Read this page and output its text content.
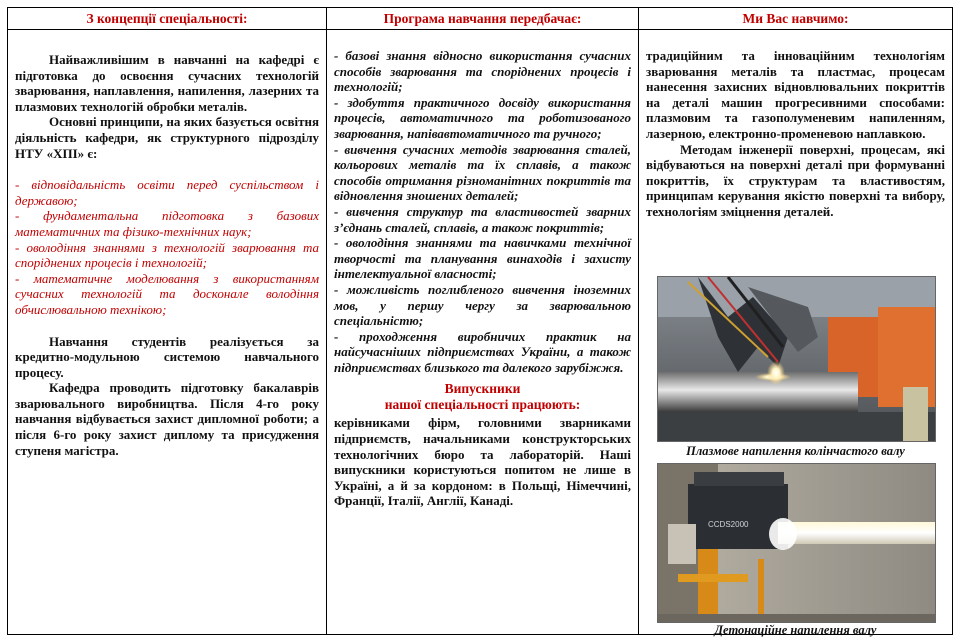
З концепції спеціальності:

Найважливішим в навчанні на кафедрі є підготовка до освоєння сучасних технологій зварювання, наплавлення, напилення, лазерних та плазмових технологій обробки металів.

Основні принципи, на яких базується освітня діяльність кафедри, як структурного підрозділу НТУ «ХПІ» є:

- відповідальність освіти перед суспільством і державою;

- фундаментальна підготовка з базових математичних та фізико-технічних наук;

- оволодіння знаннями з технологій зварювання та споріднених процесів і технологій;

- математичне моделювання з використанням сучасних технологій та досконале володіння обчислювальною технікою;

Навчання студентів реалізується за кредитно-модульною системою навчального процесу.

Кафедра проводить підготовку бакалаврів зварювального виробництва. Після 4-го року навчання відбувається захист дипломної роботи; а після 6-го року захист диплому та присудження ступеня магістра.

Програма навчання передбачає:

- базові знання відносно використання сучасних способів зварювання та споріднених процесів і технологій;

- здобуття практичного досвіду використання процесів, автоматичного та роботизованого зварювання, напівавтоматичного та ручного;

- вивчення сучасних методів зварювання сталей, кольорових металів та їх сплавів, а також способів отримання різноманітних покриттів та відновлення зношених деталей;

- вивчення структур та властивостей зварних з’єднань сталей, сплавів, а також покриттів;

- оволодіння знаннями та навичками технічної творчості та планування винаходів і захисту інтелектуальної власності;

- можливість поглибленого вивчення іноземних мов, у першу чергу за зварювальною спеціальністю;

- проходження виробничих практик на найсучасніших підприємствах України, а також підприємствах близького та далекого зарубіжжя.

Випускники
нашої спеціальності працюють:

керівниками фірм, головними зварниками підприємств, начальниками конструкторських технологічних бюро та лабораторій. Наші випускники користуються попитом не лише в Україні, а й за кордоном: в Польщі, Німеччині, Франції, Італії, Англії, Канаді.

Ми Вас навчимо:

традиційним та інноваційним технологіям зварювання металів та пластмас, процесам нанесення захисних відновлювальних покриттів на деталі машин прогресивними способами: плазмовим та газополуменевим напиленням, лазерною, електронно-променевою наплавкою.

Методам інженерії поверхні, процесам, які відбуваються на поверхні деталі при формуванні покриттів, їх структурам та властивостям, принципам керування якістю поверхні та вибору, технологіям зміцнення деталей.

Плазмове напилення колінчастого валу
CCDS2000
Детонаційне напилення валу
